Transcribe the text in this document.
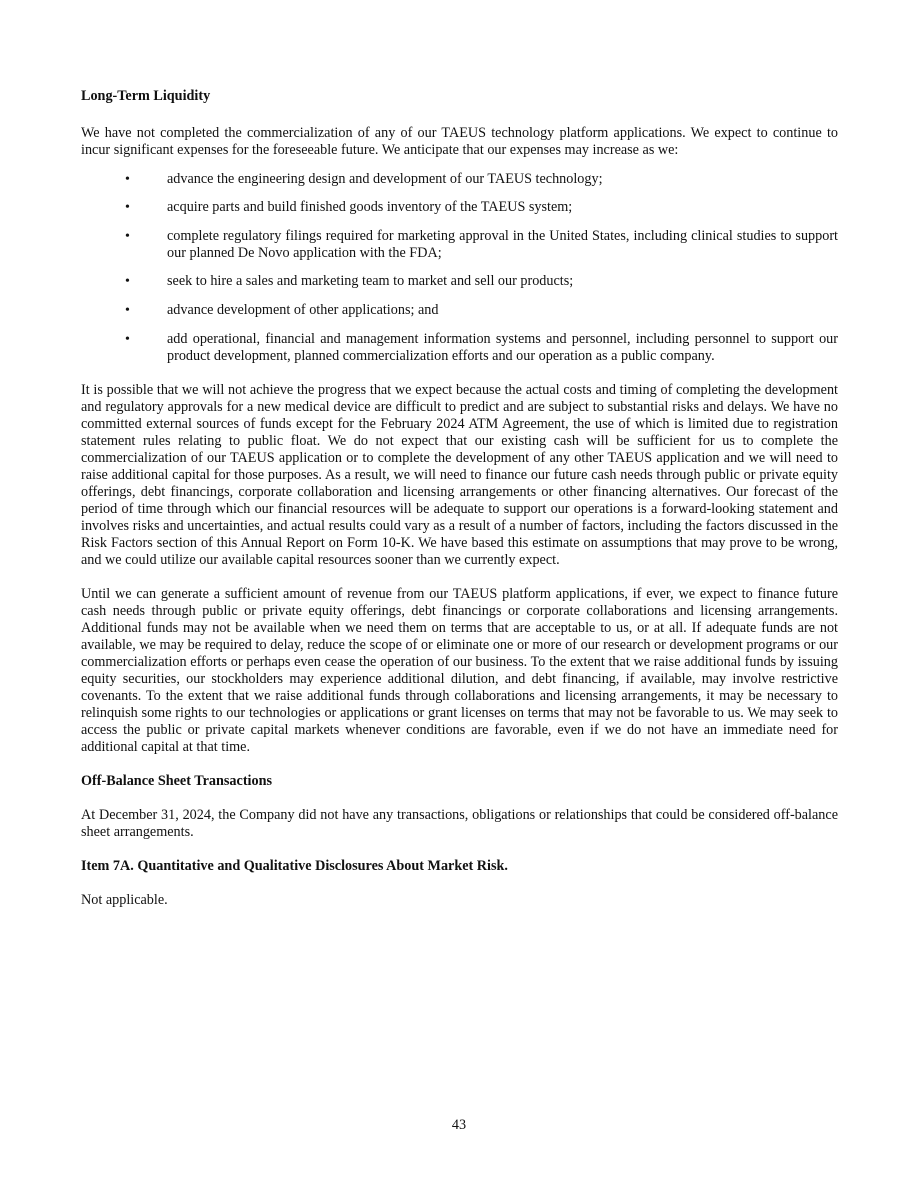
Long-Term Liquidity

We have not completed the commercialization of any of our TAEUS technology platform applications. We expect to continue to incur significant expenses for the foreseeable future. We anticipate that our expenses may increase as we:

•	advance the engineering design and development of our TAEUS technology;
•	acquire parts and build finished goods inventory of the TAEUS system;
•	complete regulatory filings required for marketing approval in the United States, including clinical studies to support our planned De Novo application with the FDA;
•	seek to hire a sales and marketing team to market and sell our products;
•	advance development of other applications; and
•	add operational, financial and management information systems and personnel, including personnel to support our product development, planned commercialization efforts and our operation as a public company.

It is possible that we will not achieve the progress that we expect because the actual costs and timing of completing the development and regulatory approvals for a new medical device are difficult to predict and are subject to substantial risks and delays. We have no committed external sources of funds except for the February 2024 ATM Agreement, the use of which is limited due to registration statement rules relating to public float. We do not expect that our existing cash will be sufficient for us to complete the commercialization of our TAEUS application or to complete the development of any other TAEUS application and we will need to raise additional capital for those purposes. As a result, we will need to finance our future cash needs through public or private equity offerings, debt financings, corporate collaboration and licensing arrangements or other financing alternatives. Our forecast of the period of time through which our financial resources will be adequate to support our operations is a forward-looking statement and involves risks and uncertainties, and actual results could vary as a result of a number of factors, including the factors discussed in the Risk Factors section of this Annual Report on Form 10-K. We have based this estimate on assumptions that may prove to be wrong, and we could utilize our available capital resources sooner than we currently expect.

Until we can generate a sufficient amount of revenue from our TAEUS platform applications, if ever, we expect to finance future cash needs through public or private equity offerings, debt financings or corporate collaborations and licensing arrangements. Additional funds may not be available when we need them on terms that are acceptable to us, or at all. If adequate funds are not available, we may be required to delay, reduce the scope of or eliminate one or more of our research or development programs or our commercialization efforts or perhaps even cease the operation of our business. To the extent that we raise additional funds by issuing equity securities, our stockholders may experience additional dilution, and debt financing, if available, may involve restrictive covenants. To the extent that we raise additional funds through collaborations and licensing arrangements, it may be necessary to relinquish some rights to our technologies or applications or grant licenses on terms that may not be favorable to us. We may seek to access the public or private capital markets whenever conditions are favorable, even if we do not have an immediate need for additional capital at that time.

Off-Balance Sheet Transactions

At December 31, 2024, the Company did not have any transactions, obligations or relationships that could be considered off-balance sheet arrangements.

Item 7A. Quantitative and Qualitative Disclosures About Market Risk.

Not applicable.

43
